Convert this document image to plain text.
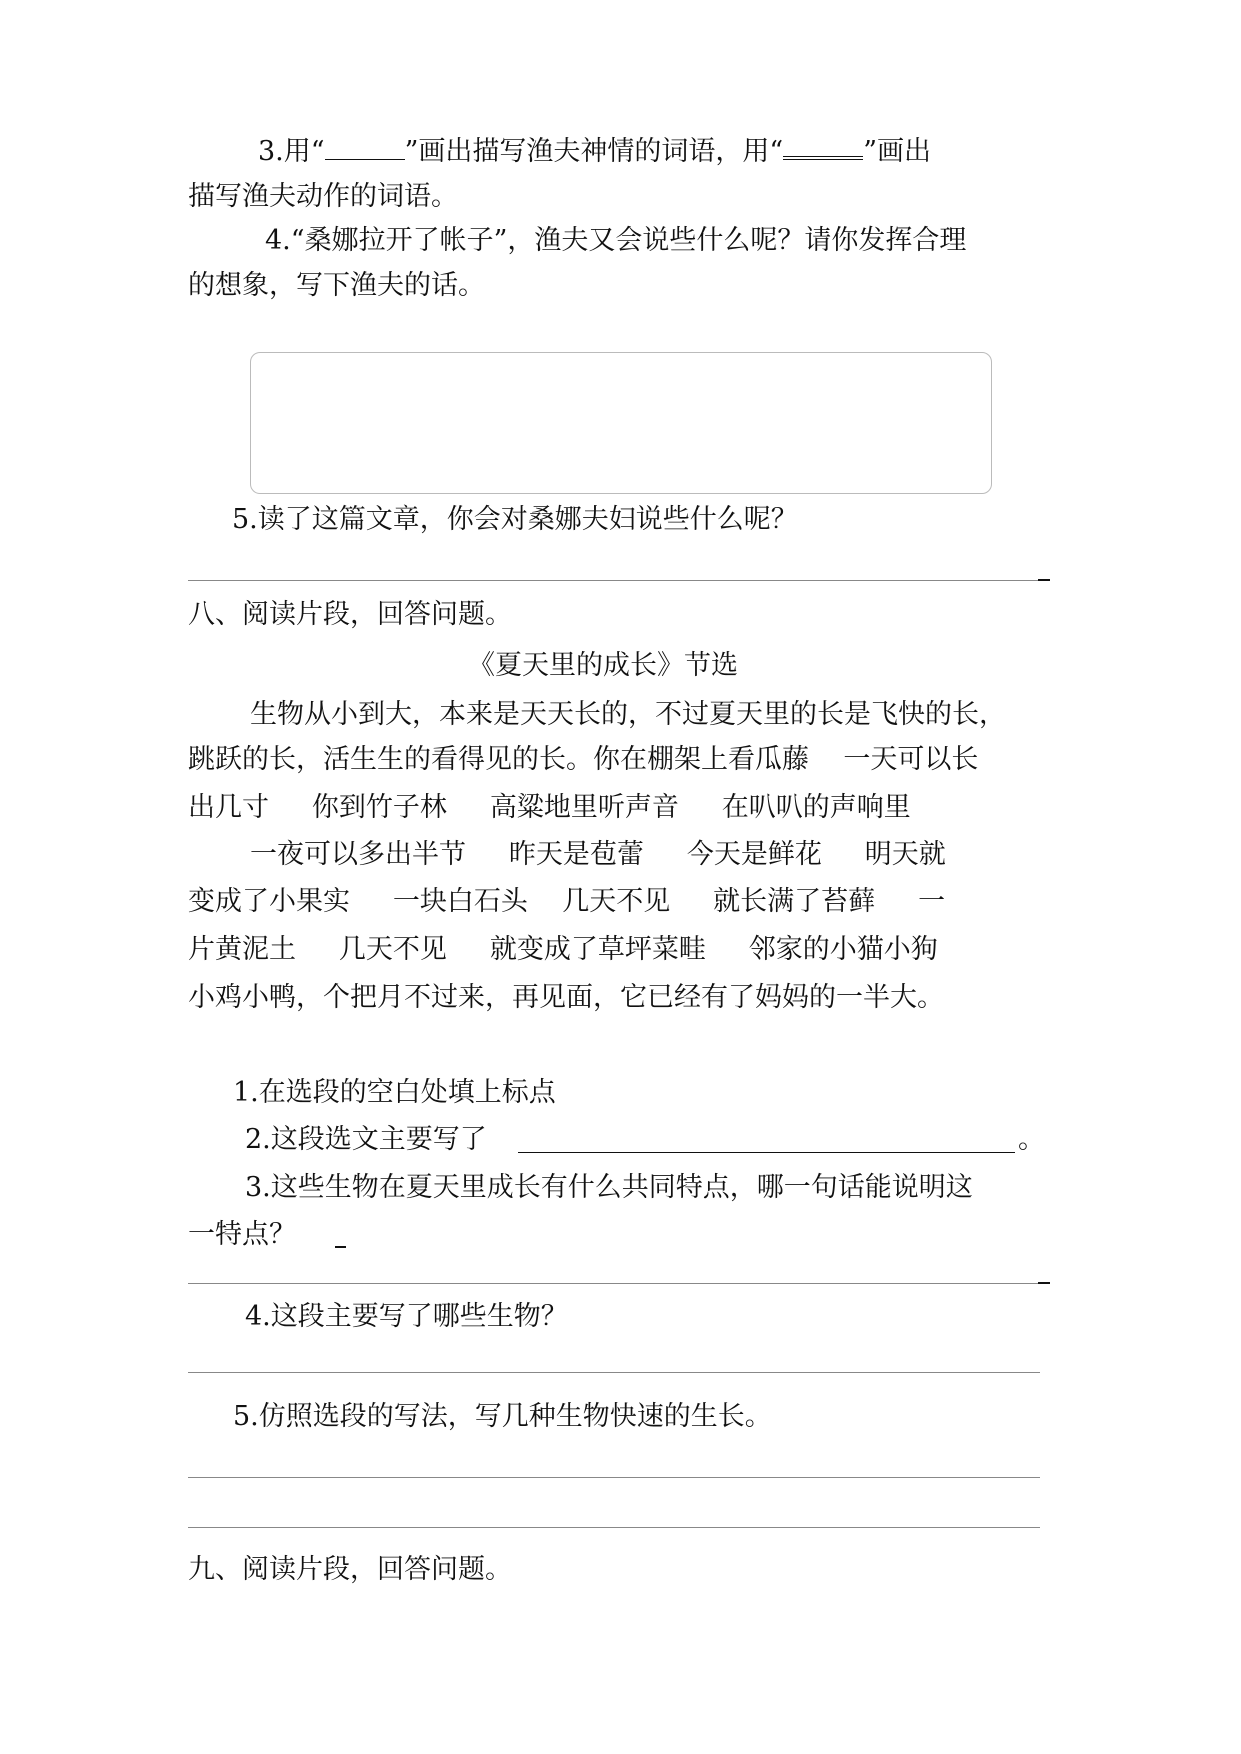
3.用“	”画出描写渔夫神情的词语，用“	”画出
描写渔夫动作的词语。
4.“桑娜拉开了帐子”，渔夫又会说些什么呢？请你发挥合理
的想象，写下渔夫的话。
5.读了这篇文章，你会对桑娜夫妇说些什么呢？
八、阅读片段，回答问题。
《夏天里的成长》节选
生物从小到大，本来是天天长的，不过夏天里的长是飞快的长，
跳跃的长，活生生的看得见的长。你在棚架上看瓜藤    一天可以长
出几寸     你到竹子林     高粱地里听声音     在叭叭的声响里
一夜可以多出半节     昨天是苞蕾     今天是鲜花     明天就
变成了小果实     一块白石头    几天不见     就长满了苔藓     一
片黄泥土     几天不见     就变成了草坪菜畦     邻家的小猫小狗
小鸡小鸭，个把月不过来，再见面，它已经有了妈妈的一半大。
1.在选段的空白处填上标点
2.这段选文主要写了	。
3.这些生物在夏天里成长有什么共同特点，哪一句话能说明这
一特点？
4.这段主要写了哪些生物？
5.仿照选段的写法，写几种生物快速的生长。
九、阅读片段，回答问题。
